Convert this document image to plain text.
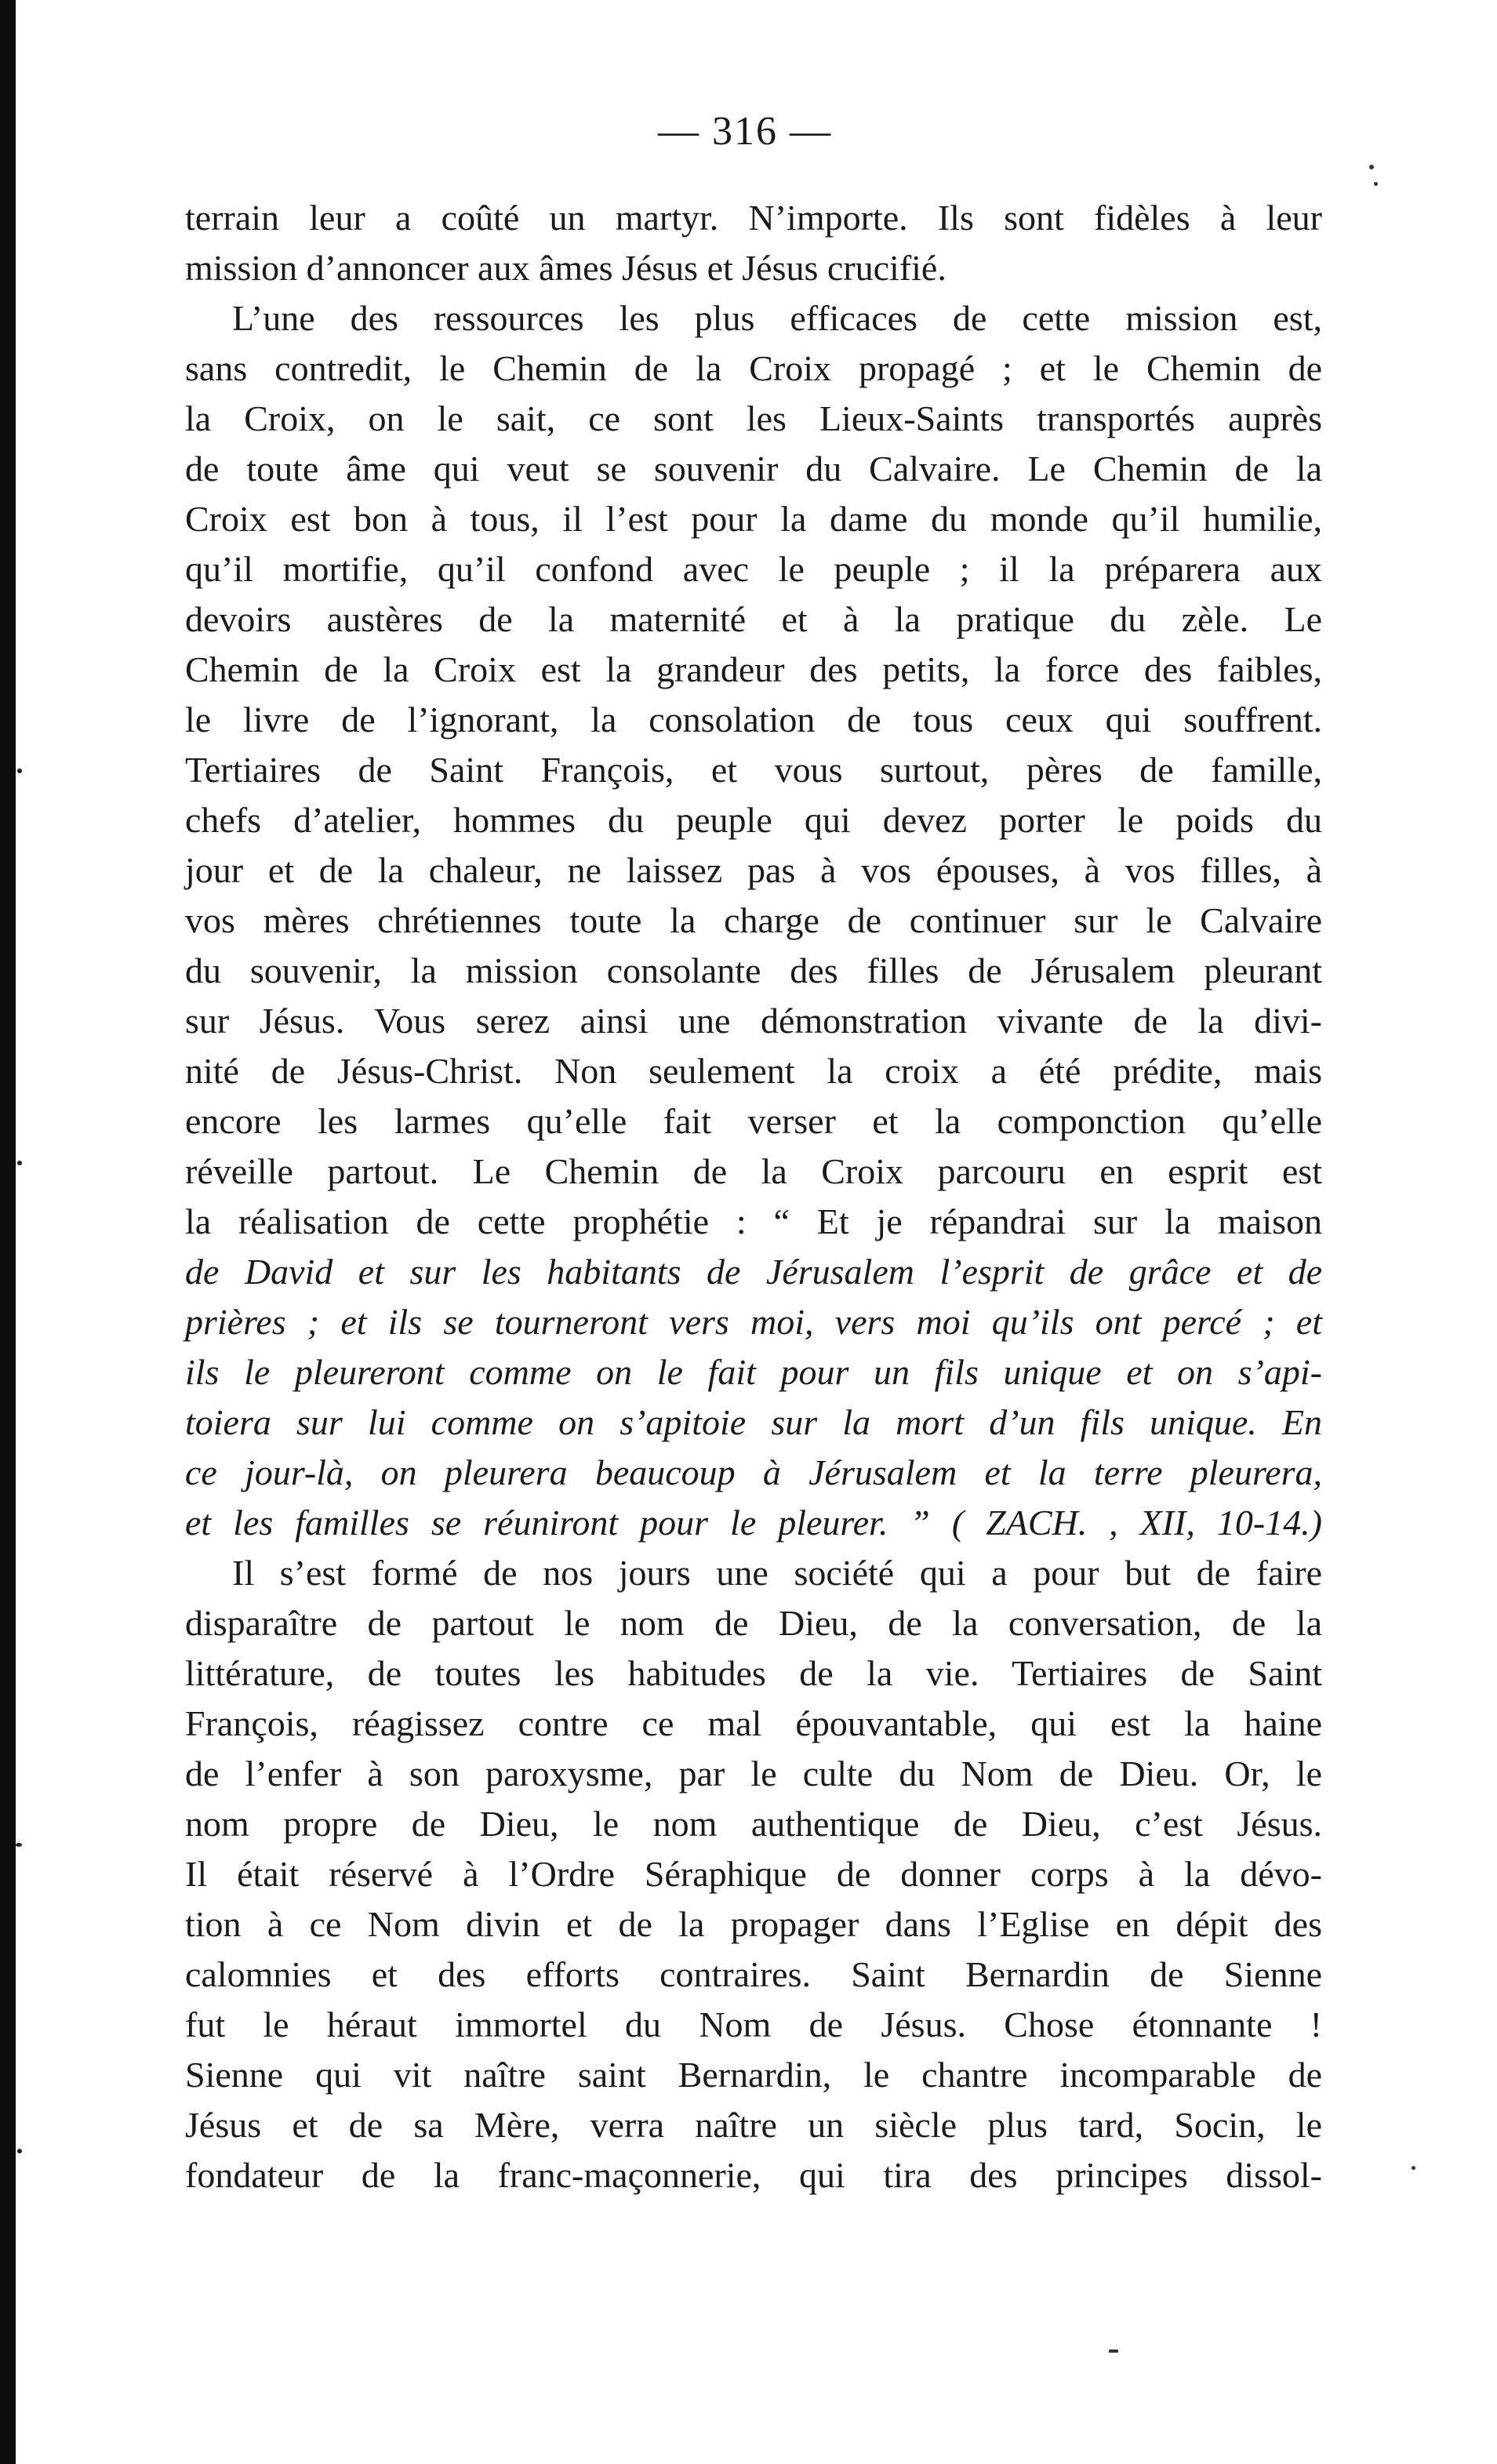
— 316 —
terrain leur a coûté un martyr. N’importe. Ils sont fidèles à leur
mission d’annoncer aux âmes Jésus et Jésus crucifié.
L’une des ressources les plus efficaces de cette mission est,
sans contredit, le Chemin de la Croix propagé ; et le Chemin de
la Croix, on le sait, ce sont les Lieux-Saints transportés auprès
de toute âme qui veut se souvenir du Calvaire. Le Chemin de la
Croix est bon à tous, il l’est pour la dame du monde qu’il humilie,
qu’il mortifie, qu’il confond avec le peuple ; il la préparera aux
devoirs austères de la maternité et à la pratique du zèle. Le
Chemin de la Croix est la grandeur des petits, la force des faibles,
le livre de l’ignorant, la consolation de tous ceux qui souffrent.
Tertiaires de Saint François, et vous surtout, pères de famille,
chefs d’atelier, hommes du peuple qui devez porter le poids du
jour et de la chaleur, ne laissez pas à vos épouses, à vos filles, à
vos mères chrétiennes toute la charge de continuer sur le Calvaire
du souvenir, la mission consolante des filles de Jérusalem pleurant
sur Jésus. Vous serez ainsi une démonstration vivante de la divi-
nité de Jésus-Christ. Non seulement la croix a été prédite, mais
encore les larmes qu’elle fait verser et la componction qu’elle
réveille partout. Le Chemin de la Croix parcouru en esprit est
la réalisation de cette prophétie : “ Et je répandrai sur la maison
de David et sur les habitants de Jérusalem l’esprit de grâce et de
prières ; et ils se tourneront vers moi, vers moi qu’ils ont percé ; et
ils le pleureront comme on le fait pour un fils unique et on s’api-
toiera sur lui comme on s’apitoie sur la mort d’un fils unique. En
ce jour-là, on pleurera beaucoup à Jérusalem et la terre pleurera,
et les familles se réuniront pour le pleurer. ” ( ZACH. , XII, 10-14.)
Il s’est formé de nos jours une société qui a pour but de faire
disparaître de partout le nom de Dieu, de la conversation, de la
littérature, de toutes les habitudes de la vie. Tertiaires de Saint
François, réagissez contre ce mal épouvantable, qui est la haine
de l’enfer à son paroxysme, par le culte du Nom de Dieu. Or, le
nom propre de Dieu, le nom authentique de Dieu, c’est Jésus.
Il était réservé à l’Ordre Séraphique de donner corps à la dévo-
tion à ce Nom divin et de la propager dans l’Eglise en dépit des
calomnies et des efforts contraires. Saint Bernardin de Sienne
fut le héraut immortel du Nom de Jésus. Chose étonnante !
Sienne qui vit naître saint Bernardin, le chantre incomparable de
Jésus et de sa Mère, verra naître un siècle plus tard, Socin, le
fondateur de la franc-maçonnerie, qui tira des principes dissol-
